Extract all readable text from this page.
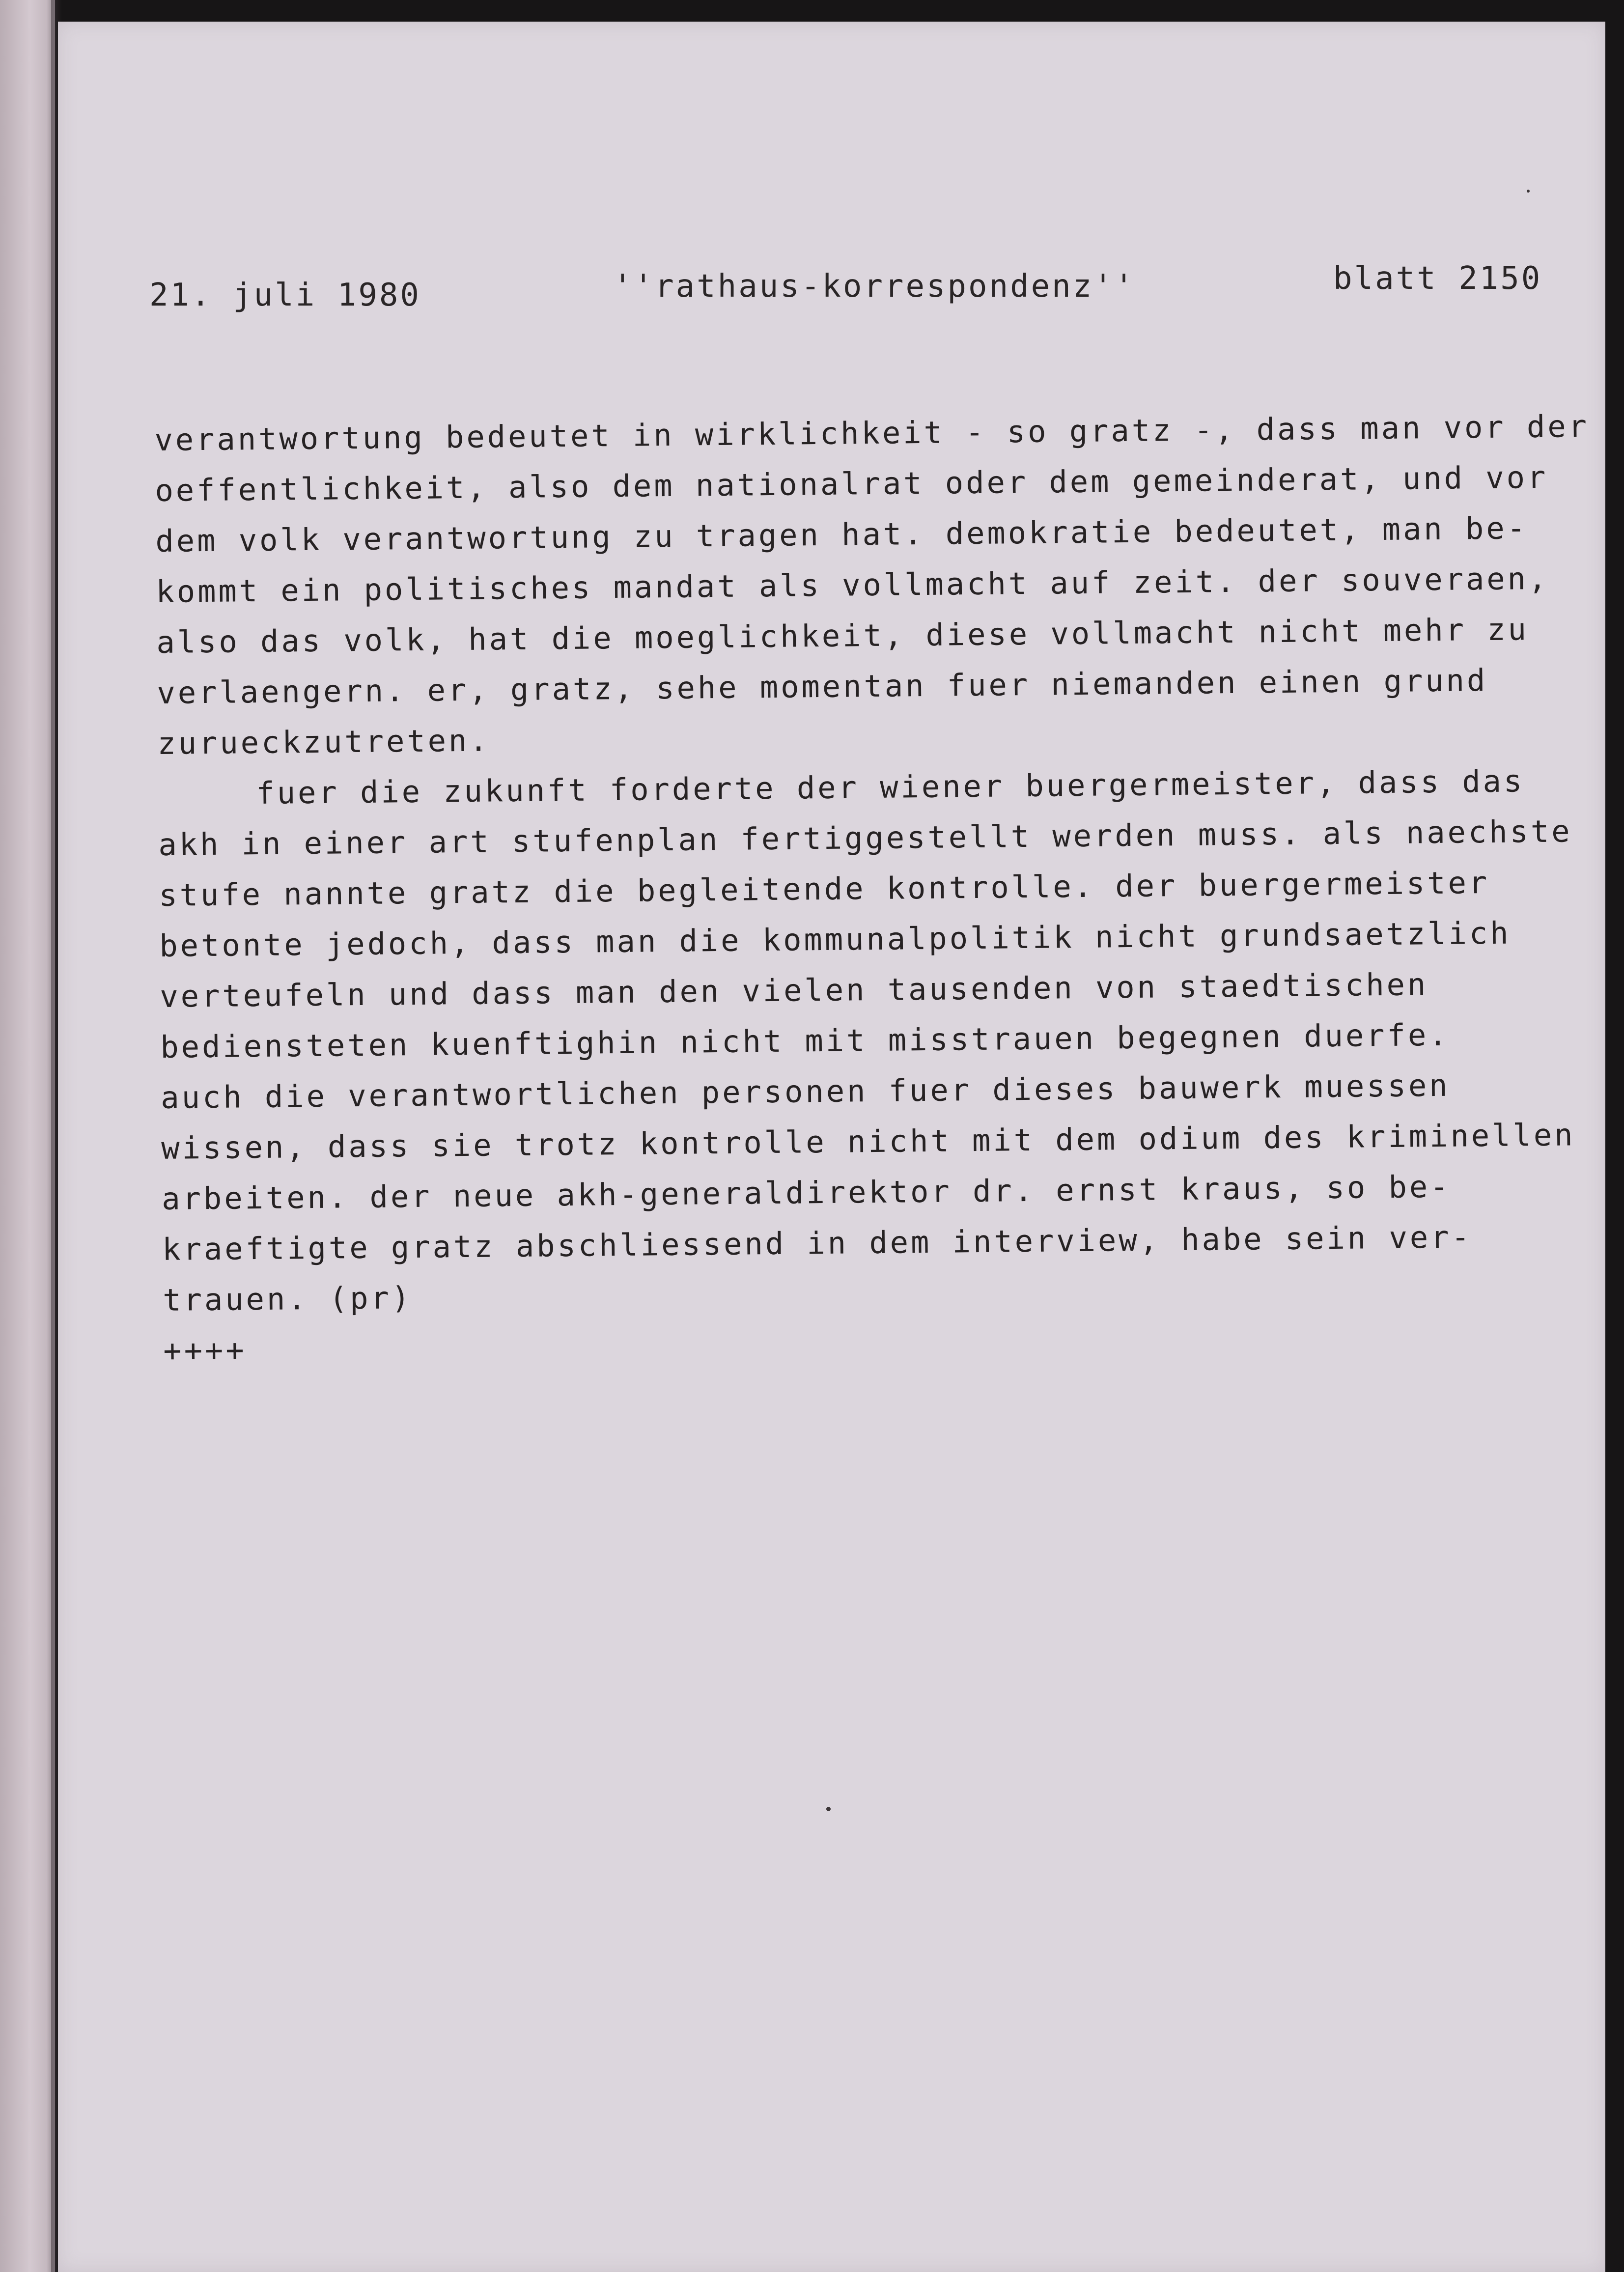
21. juli 1980	''rathaus-korrespondenz''	blatt 2150
verantwortung bedeutet in wirklichkeit - so gratz -, dass man vor der
oeffentlichkeit, also dem nationalrat oder dem gemeinderat, und vor
dem volk verantwortung zu tragen hat. demokratie bedeutet, man be-
kommt ein politisches mandat als vollmacht auf zeit. der souveraen,
also das volk, hat die moeglichkeit, diese vollmacht nicht mehr zu
verlaengern. er, gratz, sehe momentan fuer niemanden einen grund
zurueckzutreten.
fuer die zukunft forderte der wiener buergermeister, dass das
akh in einer art stufenplan fertiggestellt werden muss. als naechste
stufe nannte gratz die begleitende kontrolle. der buergermeister
betonte jedoch, dass man die kommunalpolitik nicht grundsaetzlich
verteufeln und dass man den vielen tausenden von staedtischen
bediensteten kuenftighin nicht mit misstrauen begegnen duerfe.
auch die verantwortlichen personen fuer dieses bauwerk muessen
wissen, dass sie trotz kontrolle nicht mit dem odium des kriminellen
arbeiten. der neue akh-generaldirektor dr. ernst kraus, so be-
kraeftigte gratz abschliessend in dem interview, habe sein ver-
trauen. (pr)
++++
